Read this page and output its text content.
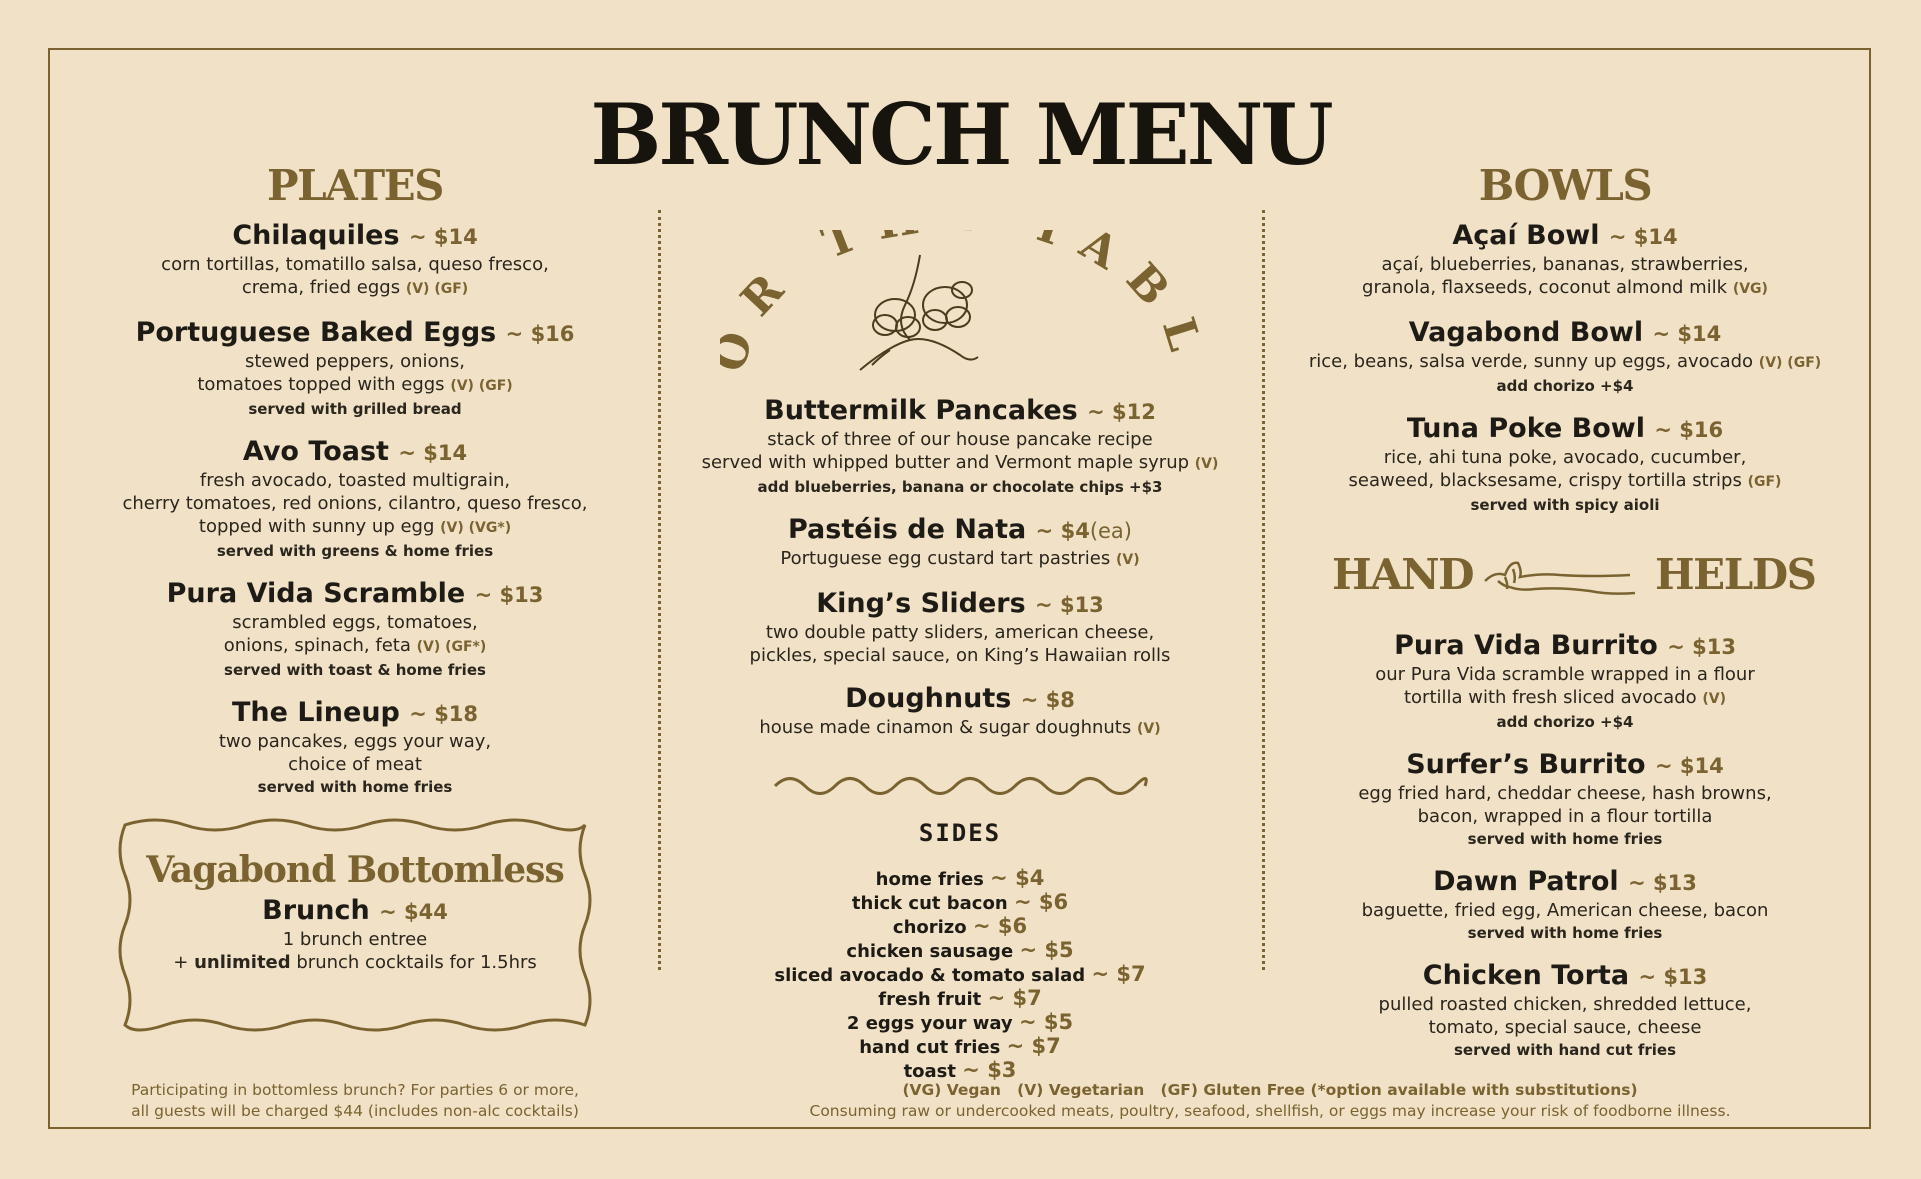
BRUNCH MENU
PLATES
Chilaquiles ~ $14
corn tortillas, tomatillo salsa, queso fresco,
crema, fried eggs (V) (GF)
Portuguese Baked Eggs ~ $16
stewed peppers, onions,
tomatoes topped with eggs (V) (GF)
served with grilled bread
Avo Toast ~ $14
fresh avocado, toasted multigrain,
cherry tomatoes, red onions, cilantro, queso fresco,
topped with sunny up egg (V) (VG*)
served with greens & home fries
Pura Vida Scramble ~ $13
scrambled eggs, tomatoes,
onions, spinach, feta (V) (GF*)
served with toast & home fries
The Lineup ~ $18
two pancakes, eggs your way,
choice of meat
served with home fries
Vagabond Bottomless
Brunch ~ $44
1 brunch entree
+ unlimited brunch cocktails for 1.5hrs
R T TAB
Buttermilk Pancakes ~ $12
stack of three of our house pancake recipe
served with whipped butter and Vermont maple syrup (V)
add blueberries, banana or chocolate chips +$3
Pastéis de Nata ~ $4(ea)
Portuguese egg custard tart pastries (V)
King’s Sliders ~ $13
two double patty sliders, american cheese,
pickles, special sauce, on King’s Hawaiian rolls
Doughnuts ~ $8
house made cinamon & sugar doughnuts (V)
SIDES
home fries ~ $4
thick cut bacon ~ $6
chorizo ~ $6
chicken sausage ~ $5
sliced avocado & tomato salad ~ $7
fresh fruit ~ $7
2 eggs your way ~ $5
hand cut fries ~ $7
toast ~ $3
BOWLS
Açaí Bowl ~ $14
açaí, blueberries, bananas, strawberries,
granola, flaxseeds, coconut almond milk (VG)
Vagabond Bowl ~ $14
rice, beans, salsa verde, sunny up eggs, avocado (V) (GF)
add chorizo +$4
Tuna Poke Bowl ~ $16
rice, ahi tuna poke, avocado, cucumber,
seaweed, blacksesame, crispy tortilla strips (GF)
served with spicy aioli
HAND	HELDS
Pura Vida Burrito ~ $13
our Pura Vida scramble wrapped in a flour
tortilla with fresh sliced avocado (V)
add chorizo +$4
Surfer’s Burrito ~ $14
egg fried hard, cheddar cheese, hash browns,
bacon, wrapped in a flour tortilla
served with home fries
Dawn Patrol ~ $13
baguette, fried egg, American cheese, bacon
served with home fries
Chicken Torta ~ $13
pulled roasted chicken, shredded lettuce,
tomato, special sauce, cheese
served with hand cut fries
Participating in bottomless brunch? For parties 6 or more,
all guests will be charged $44 (includes non-alc cocktails)
(VG) Vegan   (V) Vegetarian   (GF) Gluten Free (*option available with substitutions)
Consuming raw or undercooked meats, poultry, seafood, shellfish, or eggs may increase your risk of foodborne illness.
